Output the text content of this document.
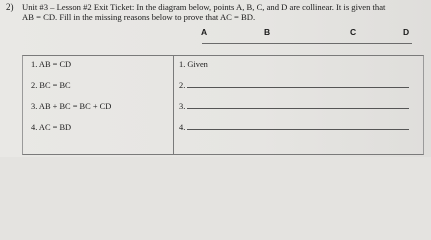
2) Unit #3 – Lesson #2 Exit Ticket: In the diagram below, points A, B, C, and D are collinear. It is given that
AB = CD. Fill in the missing reasons below to prove that AC = BD.
A	B	C	D
1. AB = CD	1. Given
2. BC = BC	2.
3. AB + BC = BC + CD	3.
4. AC = BD	4.
